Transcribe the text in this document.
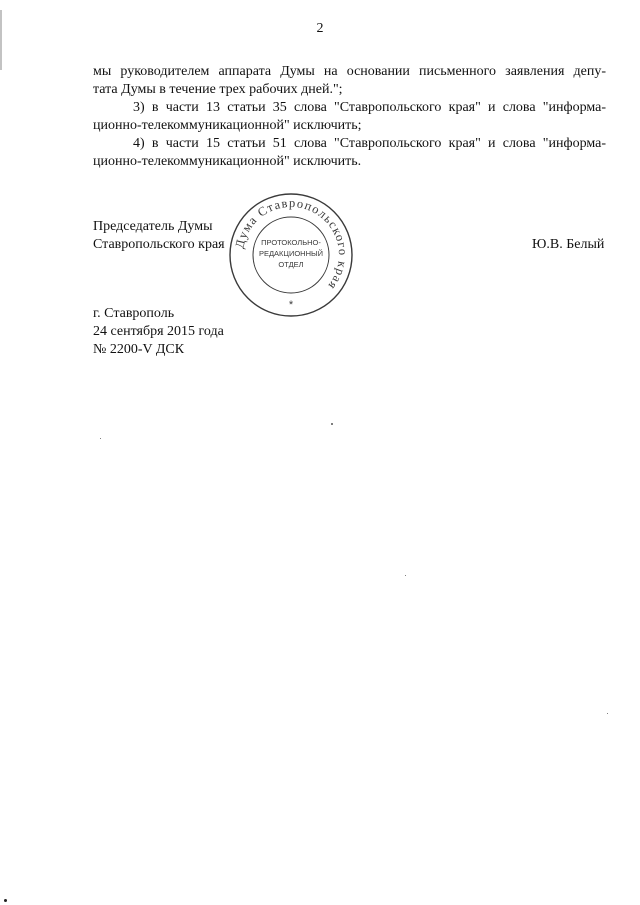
2
мы руководителем аппарата Думы на основании письменного заявления депу-
тата Думы в течение трех рабочих дней.";
3) в части 13 статьи 35 слова "Ставропольского края" и слова "информа-
ционно-телекоммуникационной" исключить;
4) в части 15 статьи 51 слова "Ставропольского края" и слова "информа-
ционно-телекоммуникационной" исключить.
Председатель Думы
Ставропольского края	Ю.В. Белый
Дума Ставропольского края
ПРОТОКОЛЬНО-
РЕДАКЦИОННЫЙ
ОТДЕЛ
*
г. Ставрополь
24 сентября 2015 года
№ 2200-V ДСК
